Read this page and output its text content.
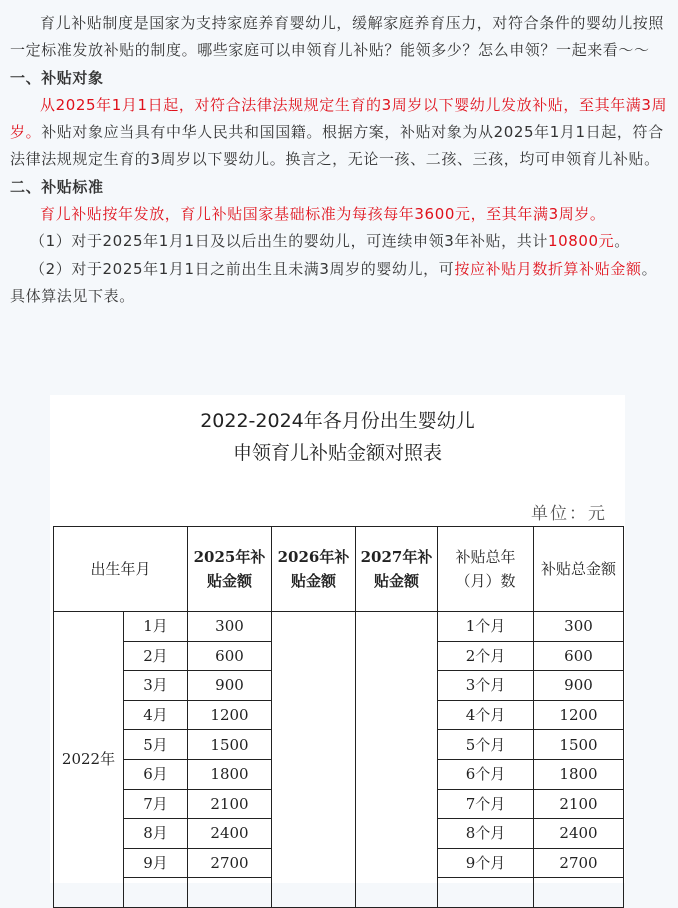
育儿补贴制度是国家为支持家庭养育婴幼儿，缓解家庭养育压力，对符合条件的婴幼儿按照一定标准发放补贴的制度。哪些家庭可以申领育儿补贴？能领多少？怎么申领？一起来看～～

一、补贴对象

从2025年1月1日起，对符合法律法规规定生育的3周岁以下婴幼儿发放补贴，至其年满3周岁。补贴对象应当具有中华人民共和国国籍。根据方案，补贴对象为从2025年1月1日起，符合法律法规规定生育的3周岁以下婴幼儿。换言之，无论一孩、二孩、三孩，均可申领育儿补贴。

二、补贴标准

育儿补贴按年发放，育儿补贴国家基础标准为每孩每年3600元，至其年满3周岁。

（1）对于2025年1月1日及以后出生的婴幼儿，可连续申领3年补贴，共计10800元。

（2）对于2025年1月1日之前出生且未满3周岁的婴幼儿，可按应补贴月数折算补贴金额。具体算法见下表。

2022-2024年各月份出生婴幼儿
申领育儿补贴金额对照表
单位：元
出生年月		2025年补贴金额	2026年补贴金额	2027年补贴金额	补贴总年（月）数	补贴总金额
2022年	1月	300			1个月	300
	2月	600			2个月	600
	3月	900			3个月	900
	4月	1200			4个月	1200
	5月	1500			5个月	1500
	6月	1800			6个月	1800
	7月	2100			7个月	2100
	8月	2400			8个月	2400
	9月	2700			9个月	2700
